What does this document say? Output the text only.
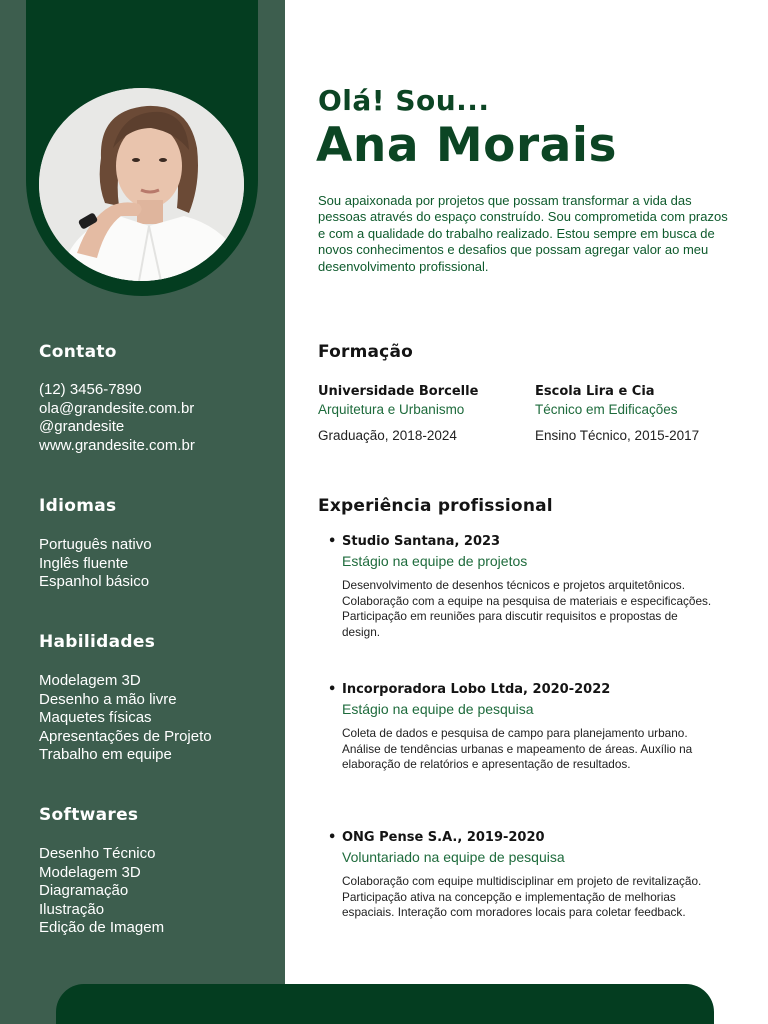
Contato
(12) 3456-7890
ola@grandesite.com.br
@grandesite
www.grandesite.com.br
Idiomas
Português nativo
Inglês fluente
Espanhol básico
Habilidades
Modelagem 3D
Desenho a mão livre
Maquetes físicas
Apresentações de Projeto
Trabalho em equipe
Softwares
Desenho Técnico
Modelagem 3D
Diagramação
Ilustração
Edição de Imagem
Olá! Sou...
Ana Morais
Sou apaixonada por projetos que possam transformar a vida das pessoas através do espaço construído. Sou comprometida com prazos e com a qualidade do trabalho realizado. Estou sempre em busca de novos conhecimentos e desafios que possam agregar valor ao meu desenvolvimento profissional.
Formação
Universidade Borcelle
Arquitetura e Urbanismo
Graduação, 2018-2024
Escola Lira e Cia
Técnico em Edificações
Ensino Técnico, 2015-2017
Experiência profissional
• Studio Santana, 2023
Estágio na equipe de projetos
Desenvolvimento de desenhos técnicos e projetos arquitetônicos. Colaboração com a equipe na pesquisa de materiais e especificações. Participação em reuniões para discutir requisitos e propostas de design.
• Incorporadora Lobo Ltda, 2020-2022
Estágio na equipe de pesquisa
Coleta de dados e pesquisa de campo para planejamento urbano. Análise de tendências urbanas e mapeamento de áreas. Auxílio na elaboração de relatórios e apresentação de resultados.
• ONG Pense S.A., 2019-2020
Voluntariado na equipe de pesquisa
Colaboração com equipe multidisciplinar em projeto de revitalização. Participação ativa na concepção e implementação de melhorias espaciais. Interação com moradores locais para coletar feedback.
